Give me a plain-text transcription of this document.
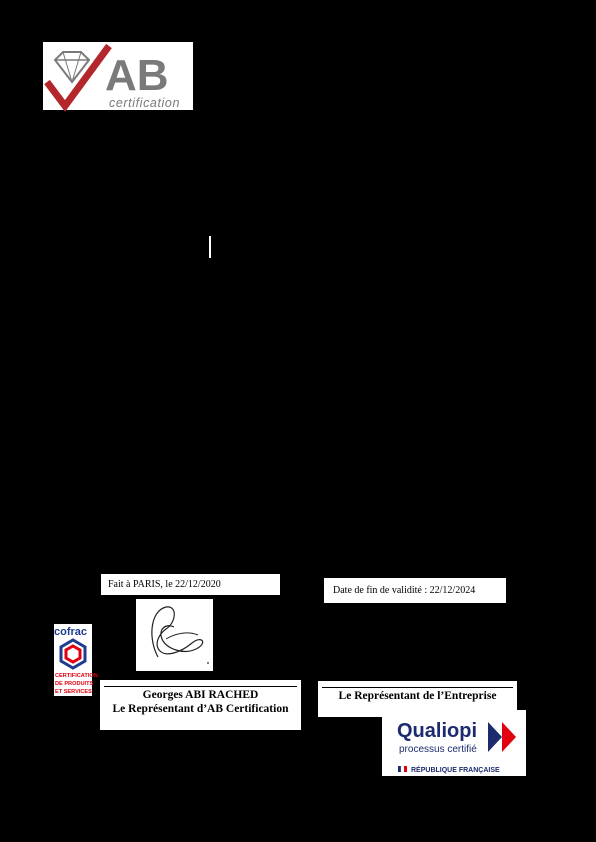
AB
certification
Fait à PARIS, le 22/12/2020
Date de fin de validité : 22/12/2024
cofrac
CERTIFICATION
DE PRODUITS
ET SERVICES	Georges ABI RACHED
Le Représentant d’AB Certification
Le Représentant de l’Entreprise
Qualiopi
processus certifié
RÉPUBLIQUE FRANÇAISE
